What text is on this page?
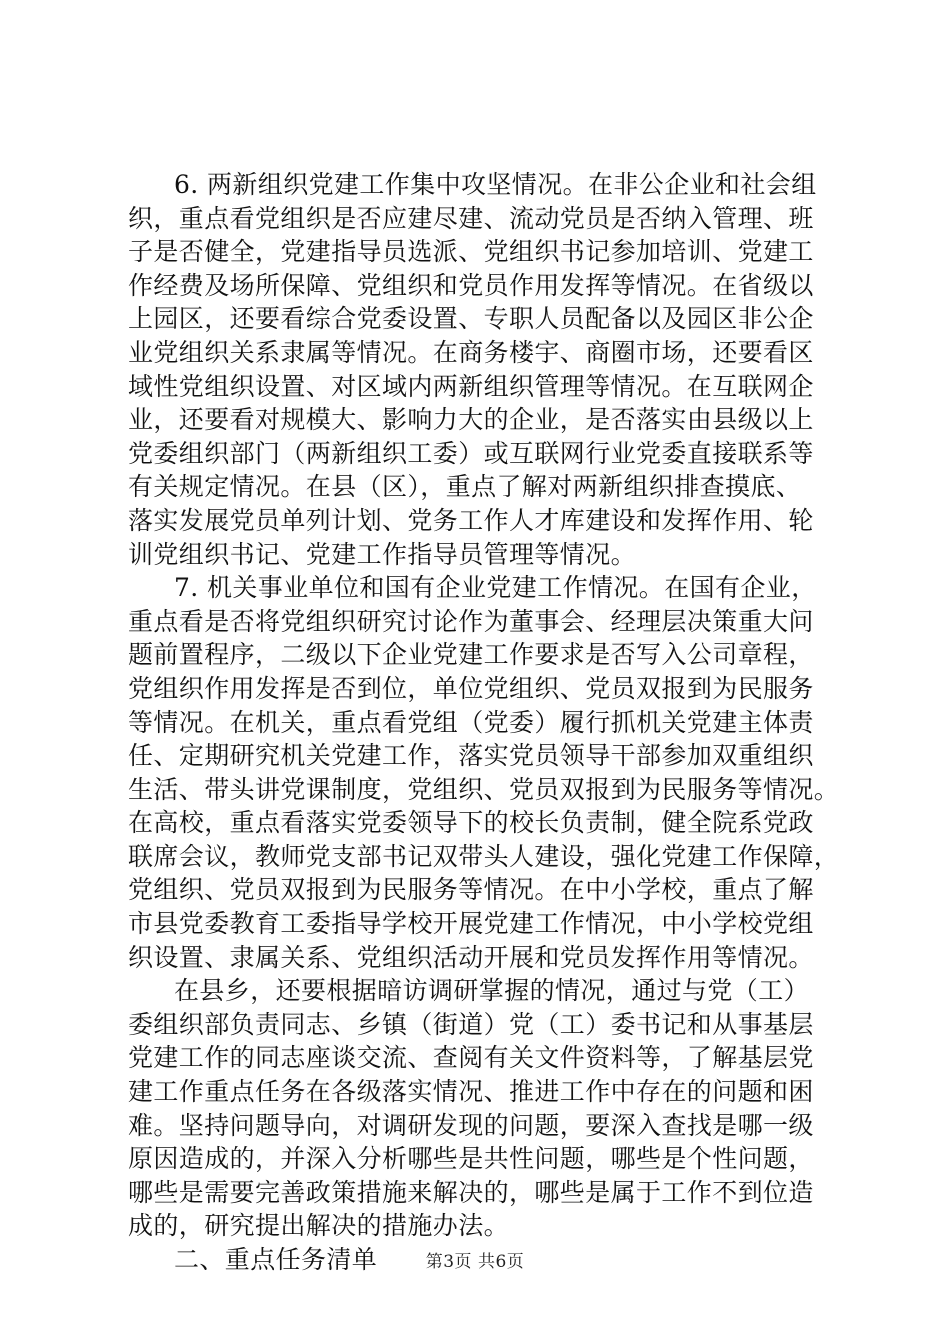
6. 两新组织党建工作集中攻坚情况。在非公企业和社会组
织，重点看党组织是否应建尽建、流动党员是否纳入管理、班
子是否健全，党建指导员选派、党组织书记参加培训、党建工
作经费及场所保障、党组织和党员作用发挥等情况。在省级以
上园区，还要看综合党委设置、专职人员配备以及园区非公企
业党组织关系隶属等情况。在商务楼宇、商圈市场，还要看区
域性党组织设置、对区域内两新组织管理等情况。在互联网企
业，还要看对规模大、影响力大的企业，是否落实由县级以上
党委组织部门（两新组织工委）或互联网行业党委直接联系等
有关规定情况。在县（区），重点了解对两新组织排查摸底、
落实发展党员单列计划、党务工作人才库建设和发挥作用、轮
训党组织书记、党建工作指导员管理等情况。
7. 机关事业单位和国有企业党建工作情况。在国有企业，
重点看是否将党组织研究讨论作为董事会、经理层决策重大问
题前置程序，二级以下企业党建工作要求是否写入公司章程，
党组织作用发挥是否到位，单位党组织、党员双报到为民服务
等情况。在机关，重点看党组（党委）履行抓机关党建主体责
任、定期研究机关党建工作，落实党员领导干部参加双重组织
生活、带头讲党课制度，党组织、党员双报到为民服务等情况。
在高校，重点看落实党委领导下的校长负责制，健全院系党政
联席会议，教师党支部书记双带头人建设，强化党建工作保障，
党组织、党员双报到为民服务等情况。在中小学校，重点了解
市县党委教育工委指导学校开展党建工作情况，中小学校党组
织设置、隶属关系、党组织活动开展和党员发挥作用等情况。
在县乡，还要根据暗访调研掌握的情况，通过与党（工）
委组织部负责同志、乡镇（街道）党（工）委书记和从事基层
党建工作的同志座谈交流、查阅有关文件资料等，了解基层党
建工作重点任务在各级落实情况、推进工作中存在的问题和困
难。坚持问题导向，对调研发现的问题，要深入查找是哪一级
原因造成的，并深入分析哪些是共性问题，哪些是个性问题，
哪些是需要完善政策措施来解决的，哪些是属于工作不到位造
成的，研究提出解决的措施办法。
二、重点任务清单	第3页 共6页
